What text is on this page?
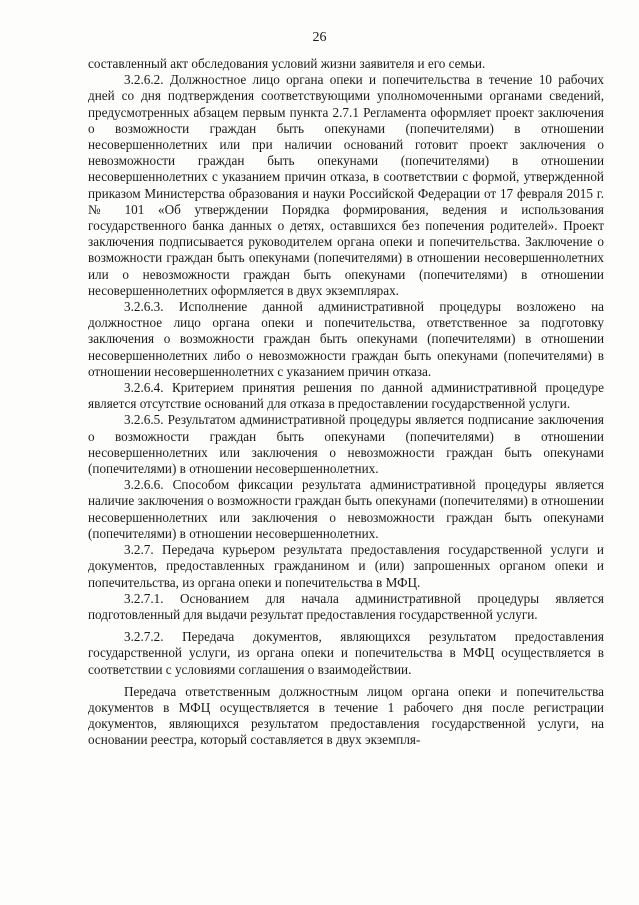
26

составленный акт обследования условий жизни заявителя и его семьи.

3.2.6.2. Должностное лицо органа опеки и попечительства в течение 10 рабочих дней со дня подтверждения соответствующими уполномоченными органами сведений, предусмотренных абзацем первым пункта 2.7.1 Регламента оформляет проект заключения о возможности граждан быть опекунами (попечителями) в отношении несовершеннолетних или при наличии оснований готовит проект заключения о невозможности граждан быть опекунами (попечителями) в отношении несовершеннолетних с указанием причин отказа, в соответствии с формой, утвержденной приказом Министерства образования и науки Российской Федерации от 17 февраля 2015 г. № 101 «Об утверждении Порядка формирования, ведения и использования государственного банка данных о детях, оставшихся без попечения родителей». Проект заключения подписывается руководителем органа опеки и попечительства. Заключение о возможности граждан быть опекунами (попечителями) в отношении несовершеннолетних или о невозможности граждан быть опекунами (попечителями) в отношении несовершеннолетних оформляется в двух экземплярах.

3.2.6.3. Исполнение данной административной процедуры возложено на должностное лицо органа опеки и попечительства, ответственное за подготовку заключения о возможности граждан быть опекунами (попечителями) в отношении несовершеннолетних либо о невозможности граждан быть опекунами (попечителями) в отношении несовершеннолетних с указанием причин отказа.

3.2.6.4. Критерием принятия решения по данной административной процедуре является отсутствие оснований для отказа в предоставлении государственной услуги.

3.2.6.5. Результатом административной процедуры является подписание заключения о возможности граждан быть опекунами (попечителями) в отношении несовершеннолетних или заключения о невозможности граждан быть опекунами (попечителями) в отношении несовершеннолетних.

3.2.6.6. Способом фиксации результата административной процедуры является наличие заключения о возможности граждан быть опекунами (попечителями) в отношении несовершеннолетних или заключения о невозможности граждан быть опекунами (попечителями) в отношении несовершеннолетних.

3.2.7. Передача курьером результата предоставления государственной услуги и документов, предоставленных гражданином и (или) запрошенных органом опеки и попечительства, из органа опеки и попечительства в МФЦ.

3.2.7.1. Основанием для начала административной процедуры является подготовленный для выдачи результат предоставления государственной услуги.

3.2.7.2. Передача документов, являющихся результатом предоставления государственной услуги, из органа опеки и попечительства в МФЦ осуществляется в соответствии с условиями соглашения о взаимодействии.

Передача ответственным должностным лицом органа опеки и попечительства документов в МФЦ осуществляется в течение 1 рабочего дня после регистрации документов, являющихся результатом предоставления государственной услуги, на основании реестра, который составляется в двух экземпля-
